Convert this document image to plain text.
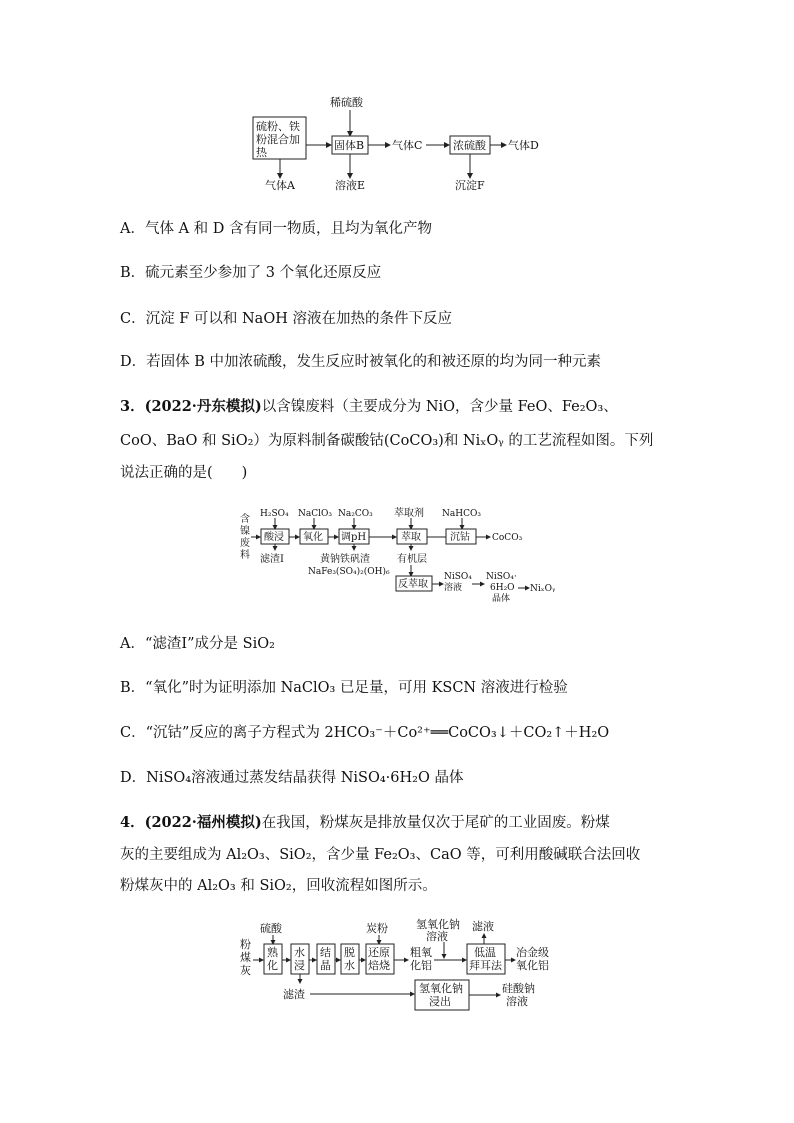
硫粉、铁
粉混合加
热
气体A
稀硫酸
固体B
溶液E
气体C	浓硫酸 气体D
沉淀F
A．气体 A 和 D 含有同一物质，且均为氧化产物
B．硫元素至少参加了 3 个氧化还原反应
C．沉淀 F 可以和 NaOH 溶液在加热的条件下反应
D．若固体 B 中加浓硫酸，发生反应时被氧化的和被还原的均为同一种元素
3．(2022·丹东模拟)以含镍废料（主要成分为 NiO，含少量 FeO、Fe₂O₃、
CoO、BaO 和 SiO₂）为原料制备碳酸钴(CoCO₃)和 NiₓOᵧ 的工艺流程如图。下列
说法正确的是(　　)
含
镍
废
料
H₂SO₄
酸浸
滤渣Ⅰ
NaClO₃
氧化
Na₂CO₃
调pH
黄钠铁矾渣
NaFe₃(SO₄)₂(OH)₆
萃取剂
萃取
有机层
反萃取
NaHCO₃
沉钴 CoCO₃
NiSO₄
溶液
NiSO₄·
6H₂O
晶体
NiₓOᵧ
A．“滤渣Ⅰ”成分是 SiO₂
B．“氧化”时为证明添加 NaClO₃ 已足量，可用 KSCN 溶液进行检验
C．“沉钴”反应的离子方程式为 2HCO₃⁻＋Co²⁺══CoCO₃↓＋CO₂↑＋H₂O
D．NiSO₄溶液通过蒸发结晶获得 NiSO₄·6H₂O 晶体
4．(2022·福州模拟)在我国，粉煤灰是排放量仅次于尾矿的工业固废。粉煤
灰的主要组成为 Al₂O₃、SiO₂，含少量 Fe₂O₃、CaO 等，可利用酸碱联合法回收
粉煤灰中的 Al₂O₃ 和 SiO₂，回收流程如图所示。
粉
煤
灰
硫酸
熟
化
水
浸
滤渣
结
晶
脱
水
炭粉
还原
焙烧
粗氧
化铝
氢氧化钠
溶液
滤液
低温
拜耳法
冶金级
氧化铝
氢氧化钠
浸出
硅酸钠
溶液
